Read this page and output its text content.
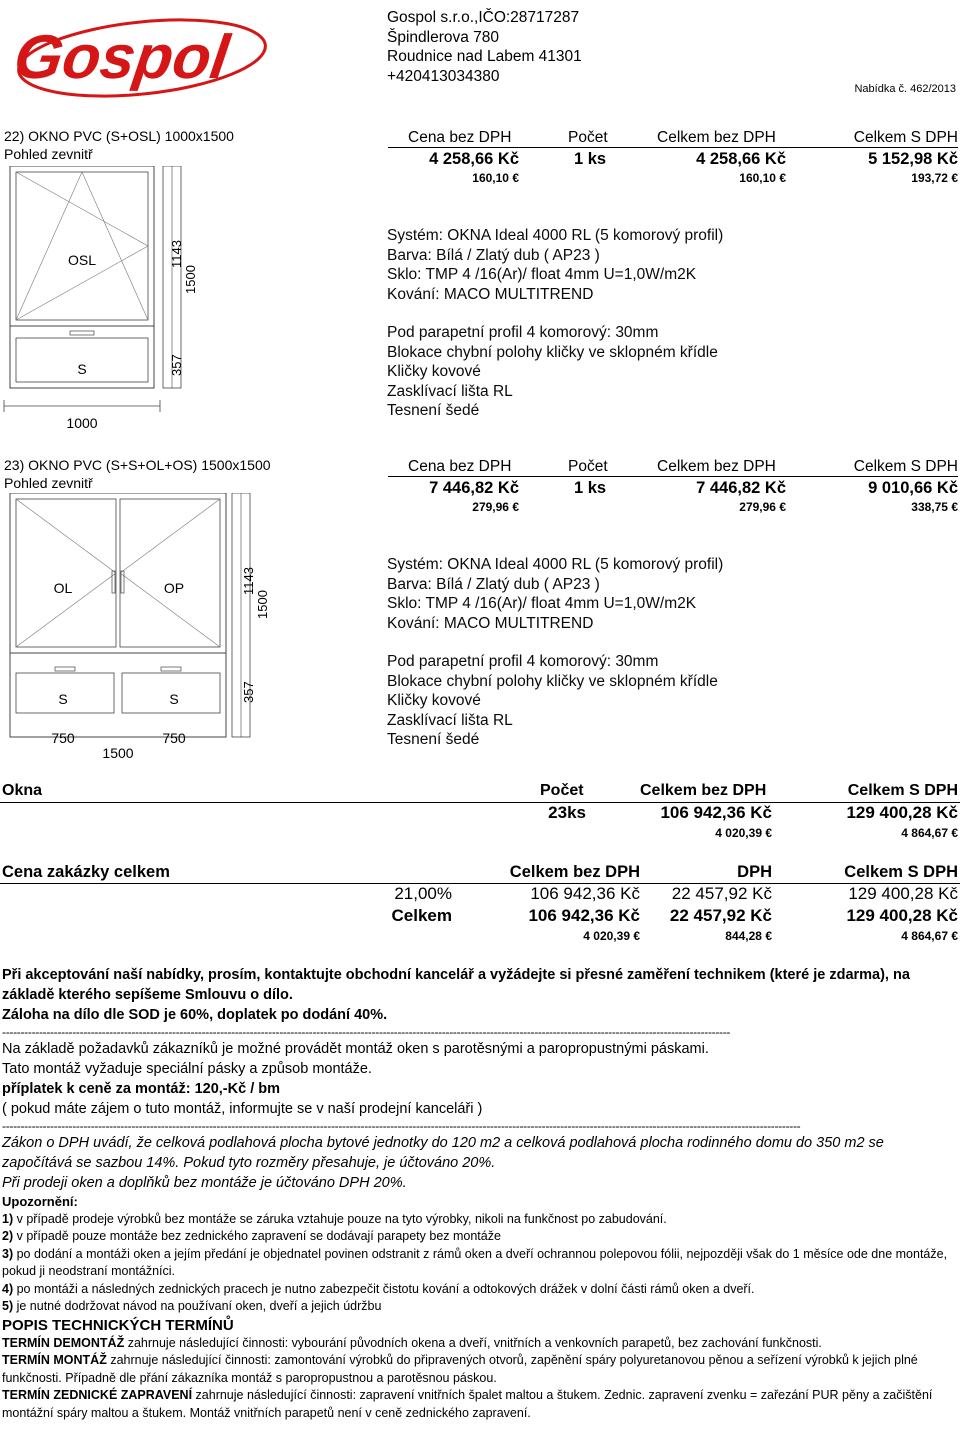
Gospol
Gospol s.r.o.,IČO:28717287
Špindlerova 780
Roudnice nad Labem 41301
+420413034380
Nabídka č. 462/2013
22) OKNO PVC (S+OSL) 1000x1500
Pohled zevnitř
Cena bez DPH	Počet	Celkem bez DPH	Celkem S DPH
4 258,66 Kč	1 ks	4 258,66 Kč	5 152,98 Kč
160,10 €	160,10 €	193,72 €
OSL
S
1143
1500
357
1000
Systém: OKNA Ideal 4000 RL (5 komorový profil)
Barva: Bílá / Zlatý dub ( AP23 )
Sklo: TMP 4 /16(Ar)/ float 4mm U=1,0W/m2K
Kování: MACO MULTITREND
Pod parapetní profil 4 komorový: 30mm
Blokace chybní polohy kličky ve sklopném křídle
Kličky kovové
Zasklívací lišta RL
Tesnení šedé
23) OKNO PVC (S+S+OL+OS) 1500x1500
Pohled zevnitř
Cena bez DPH	Počet	Celkem bez DPH	Celkem S DPH
7 446,82 Kč	1 ks	7 446,82 Kč	9 010,66 Kč
279,96 €	279,96 €	338,75 €
OL	OP
S	S
1143
1500
357
750	750
1500
Systém: OKNA Ideal 4000 RL (5 komorový profil)
Barva: Bílá / Zlatý dub ( AP23 )
Sklo: TMP 4 /16(Ar)/ float 4mm U=1,0W/m2K
Kování: MACO MULTITREND
Pod parapetní profil 4 komorový: 30mm
Blokace chybní polohy kličky ve sklopném křídle
Kličky kovové
Zasklívací lišta RL
Tesnení šedé
Okna	Počet	Celkem bez DPH	Celkem S DPH
23ks	106 942,36 Kč	129 400,28 Kč
4 020,39 €	4 864,67 €
Cena zakázky celkem	Celkem bez DPH	DPH	Celkem S DPH
21,00%	106 942,36 Kč 22 457,92 Kč	129 400,28 Kč
Celkem	106 942,36 Kč 22 457,92 Kč	129 400,28 Kč
4 020,39 €	844,28 €	4 864,67 €

Při akceptování naší nabídky, prosím, kontaktujte obchodní kancelář a vyžádejte si přesné zaměření technikem (které je zdarma), na základě kterého sepíšeme Smlouvu o dílo.

Záloha na dílo dle SOD je 60%, doplatek po dodání 40%.

-----------------------------------------------------------------------------------------------------------------------------------------------------------------------------------------------------

Na základě požadavků zákazníků je možné provádět montáž oken s parotěsnými a paropropustnými páskami.

Tato montáž vyžaduje speciální pásky a způsob montáže.

příplatek k ceně za montáž: 120,-Kč / bm

( pokud máte zájem o tuto montáž, informujte se v naší prodejní kanceláři )

------------------------------------------------------------------------------------------------------------------------------------------------------------------------------------------------------------------------

Zákon o DPH uvádí, že celková podlahová plocha bytové jednotky do 120 m2 a celková podlahová plocha rodinného domu do 350 m2 se započítává se sazbou 14%. Pokud tyto rozměry přesahuje, je účtováno 20%.

Při prodeji oken a doplňků bez montáže je účtováno DPH 20%.

Upozornění:

1) v případě prodeje výrobků bez montáže se záruka vztahuje pouze na tyto výrobky, nikoli na funkčnost po zabudování.

2) v případě pouze montáže bez zednického zapravení se dodávají parapety bez montáže

3) po dodání a montáži oken a jejím předání je objednatel povinen odstranit z rámů oken a dveří ochrannou polepovou fólii, nejpozději však do 1 měsíce ode dne montáže, pokud ji neodstraní montážníci.

4) po montáži a následných zednických pracech je nutno zabezpečit čistotu kování a odtokových drážek v dolní části rámů oken a dveří.

5) je nutné dodržovat návod na používaní oken, dveří a jejich údržbu

POPIS TECHNICKÝCH TERMÍNŮ

TERMÍN DEMONTÁŽ zahrnuje následující činnosti: vybourání původních okena a dveří, vnitřních a venkovních parapetů, bez zachování funkčnosti.

TERMÍN MONTÁŽ zahrnuje následující činnosti: zamontování výrobků do připravených otvorů, zapěnění spáry polyuretanovou pěnou a seřízení výrobků k jejich plné funkčnosti. Případně dle přání zákazníka montáž s paropropustnou a parotěsnou páskou.

TERMÍN ZEDNICKÉ ZAPRAVENÍ zahrnuje následující činnosti: zapravení vnitřních špalet maltou a štukem. Zednic. zapravení zvenku = zařezání PUR pěny a začištění montážní spáry maltou a štukem. Montáž vnitřních parapetů není v ceně zednického zapravení.
